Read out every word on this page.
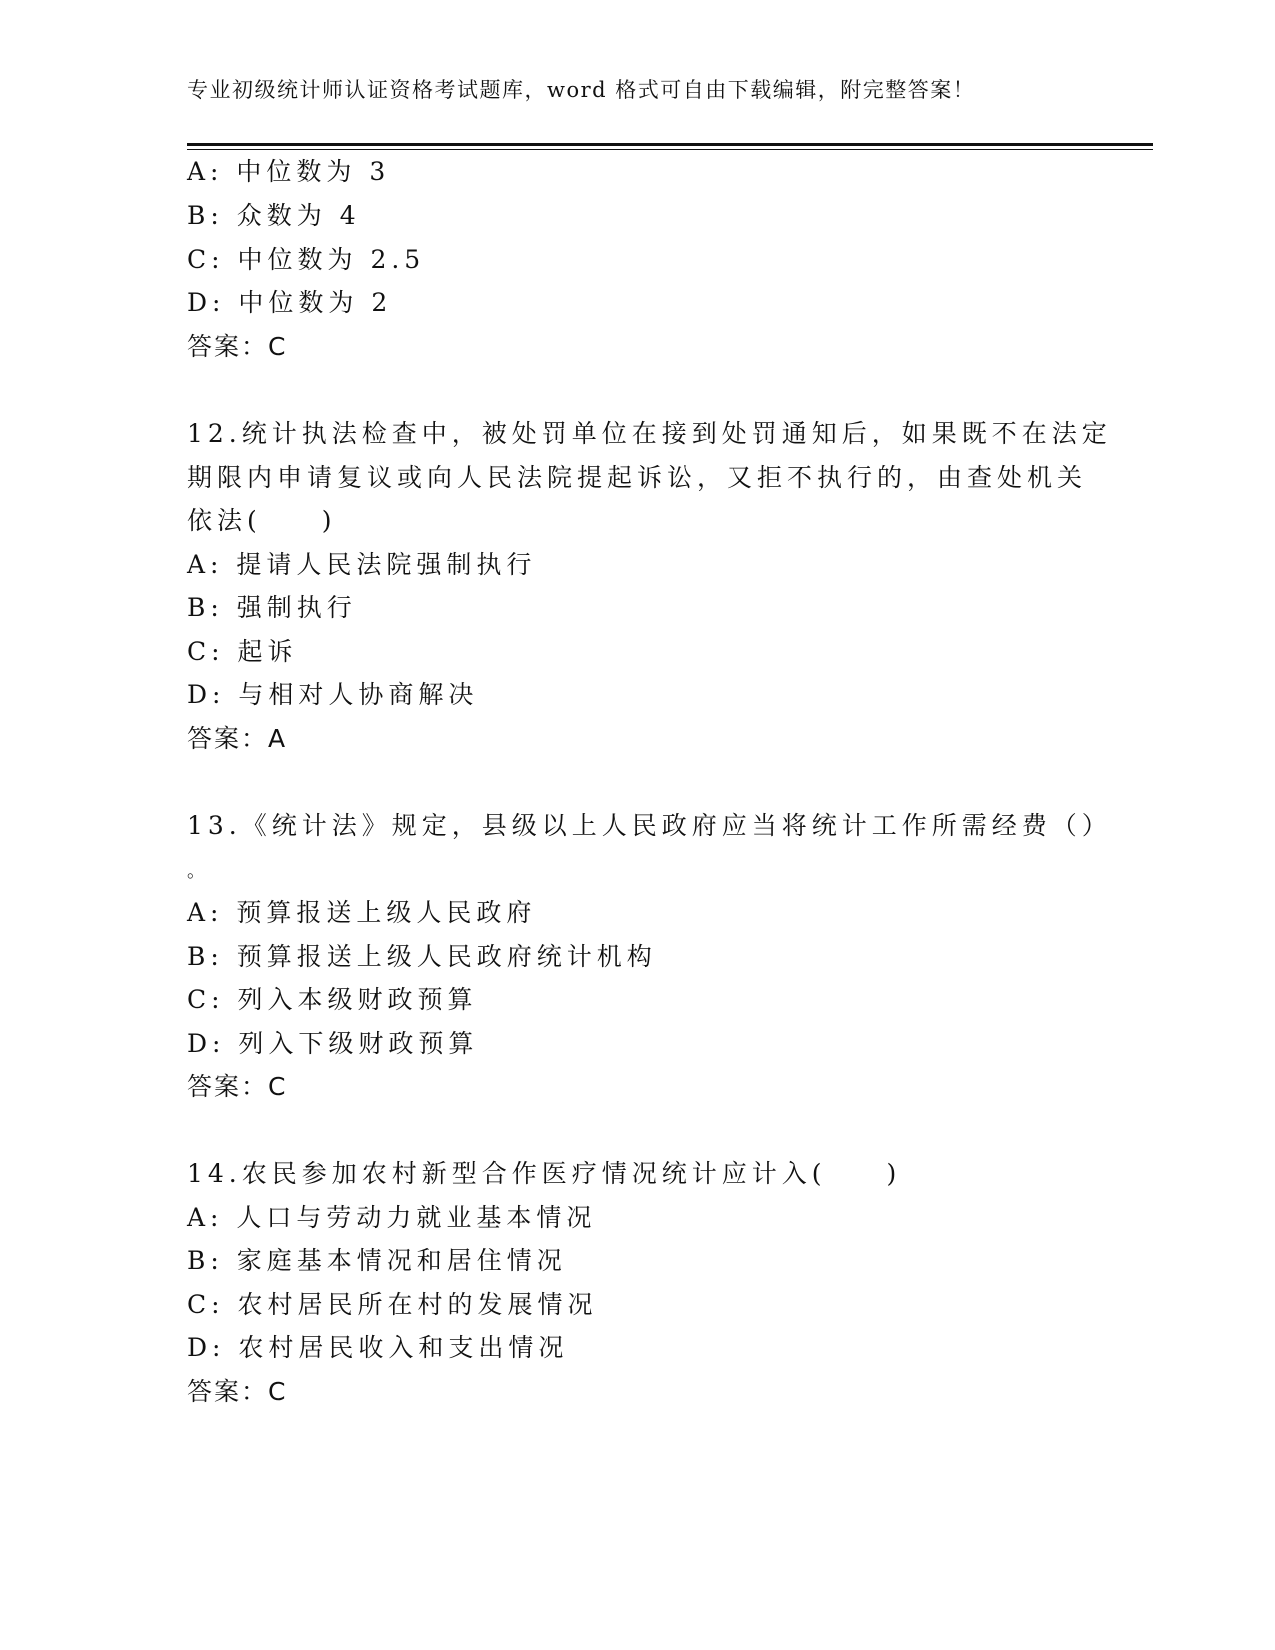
专业初级统计师认证资格考试题库，word 格式可自由下载编辑，附完整答案！
A: 中位数为 3
B: 众数为 4
C: 中位数为 2.5
D: 中位数为 2
答案：C
12.统计执法检查中，被处罚单位在接到处罚通知后，如果既不在法定
期限内申请复议或向人民法院提起诉讼，又拒不执行的，由查处机关
依法(　　)
A: 提请人民法院强制执行
B: 强制执行
C: 起诉
D: 与相对人协商解决
答案：A
13.《统计法》规定，县级以上人民政府应当将统计工作所需经费（）
。
A: 预算报送上级人民政府
B: 预算报送上级人民政府统计机构
C: 列入本级财政预算
D: 列入下级财政预算
答案：C
14.农民参加农村新型合作医疗情况统计应计入(　　)
A: 人口与劳动力就业基本情况
B: 家庭基本情况和居住情况
C: 农村居民所在村的发展情况
D: 农村居民收入和支出情况
答案：C
